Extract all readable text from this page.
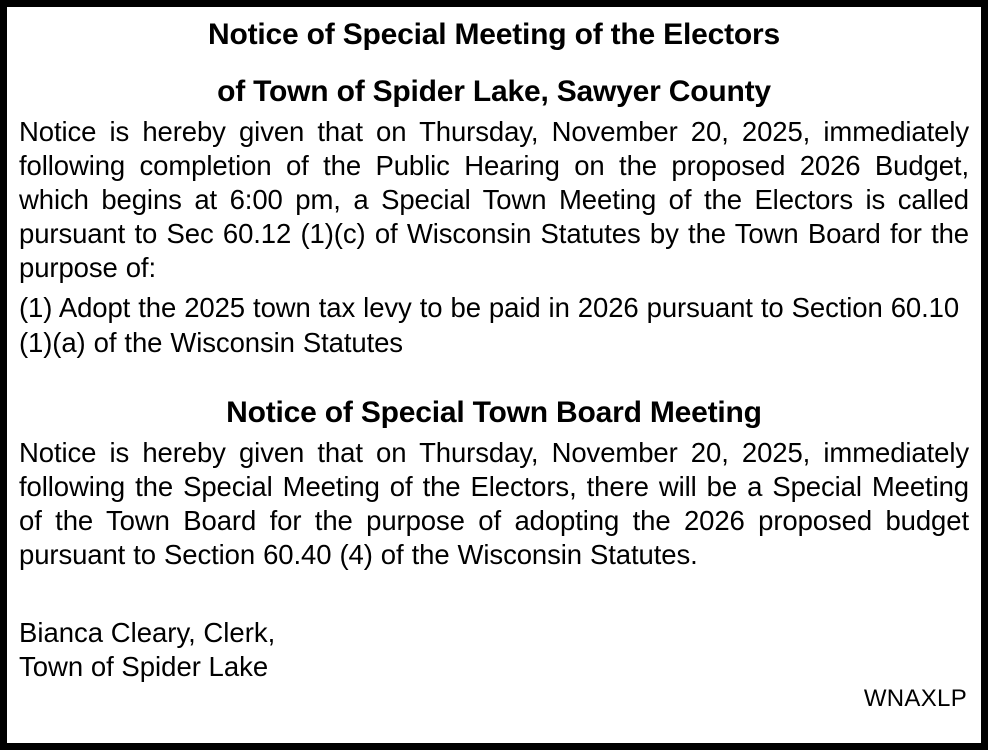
Notice of Special Meeting of the Electors
of Town of Spider Lake, Sawyer County
Notice is hereby given that on Thursday, November 20, 2025, immediately following completion of the Public Hearing on the proposed 2026 Budget, which begins at 6:00 pm, a Special Town Meeting of the Electors is called pursuant to Sec 60.12 (1)(c) of Wisconsin Statutes by the Town Board for the purpose of:
(1) Adopt the 2025 town tax levy to be paid in 2026 pursuant to Section 60.10 (1)(a) of the Wisconsin Statutes
Notice of Special Town Board Meeting
Notice is hereby given that on Thursday, November 20, 2025, immediately following the Special Meeting of the Electors, there will be a Special Meeting of the Town Board for the purpose of adopting the 2026 proposed budget pursuant to Section 60.40 (4) of the Wisconsin Statutes.
Bianca Cleary, Clerk,
Town of Spider Lake
WNAXLP
